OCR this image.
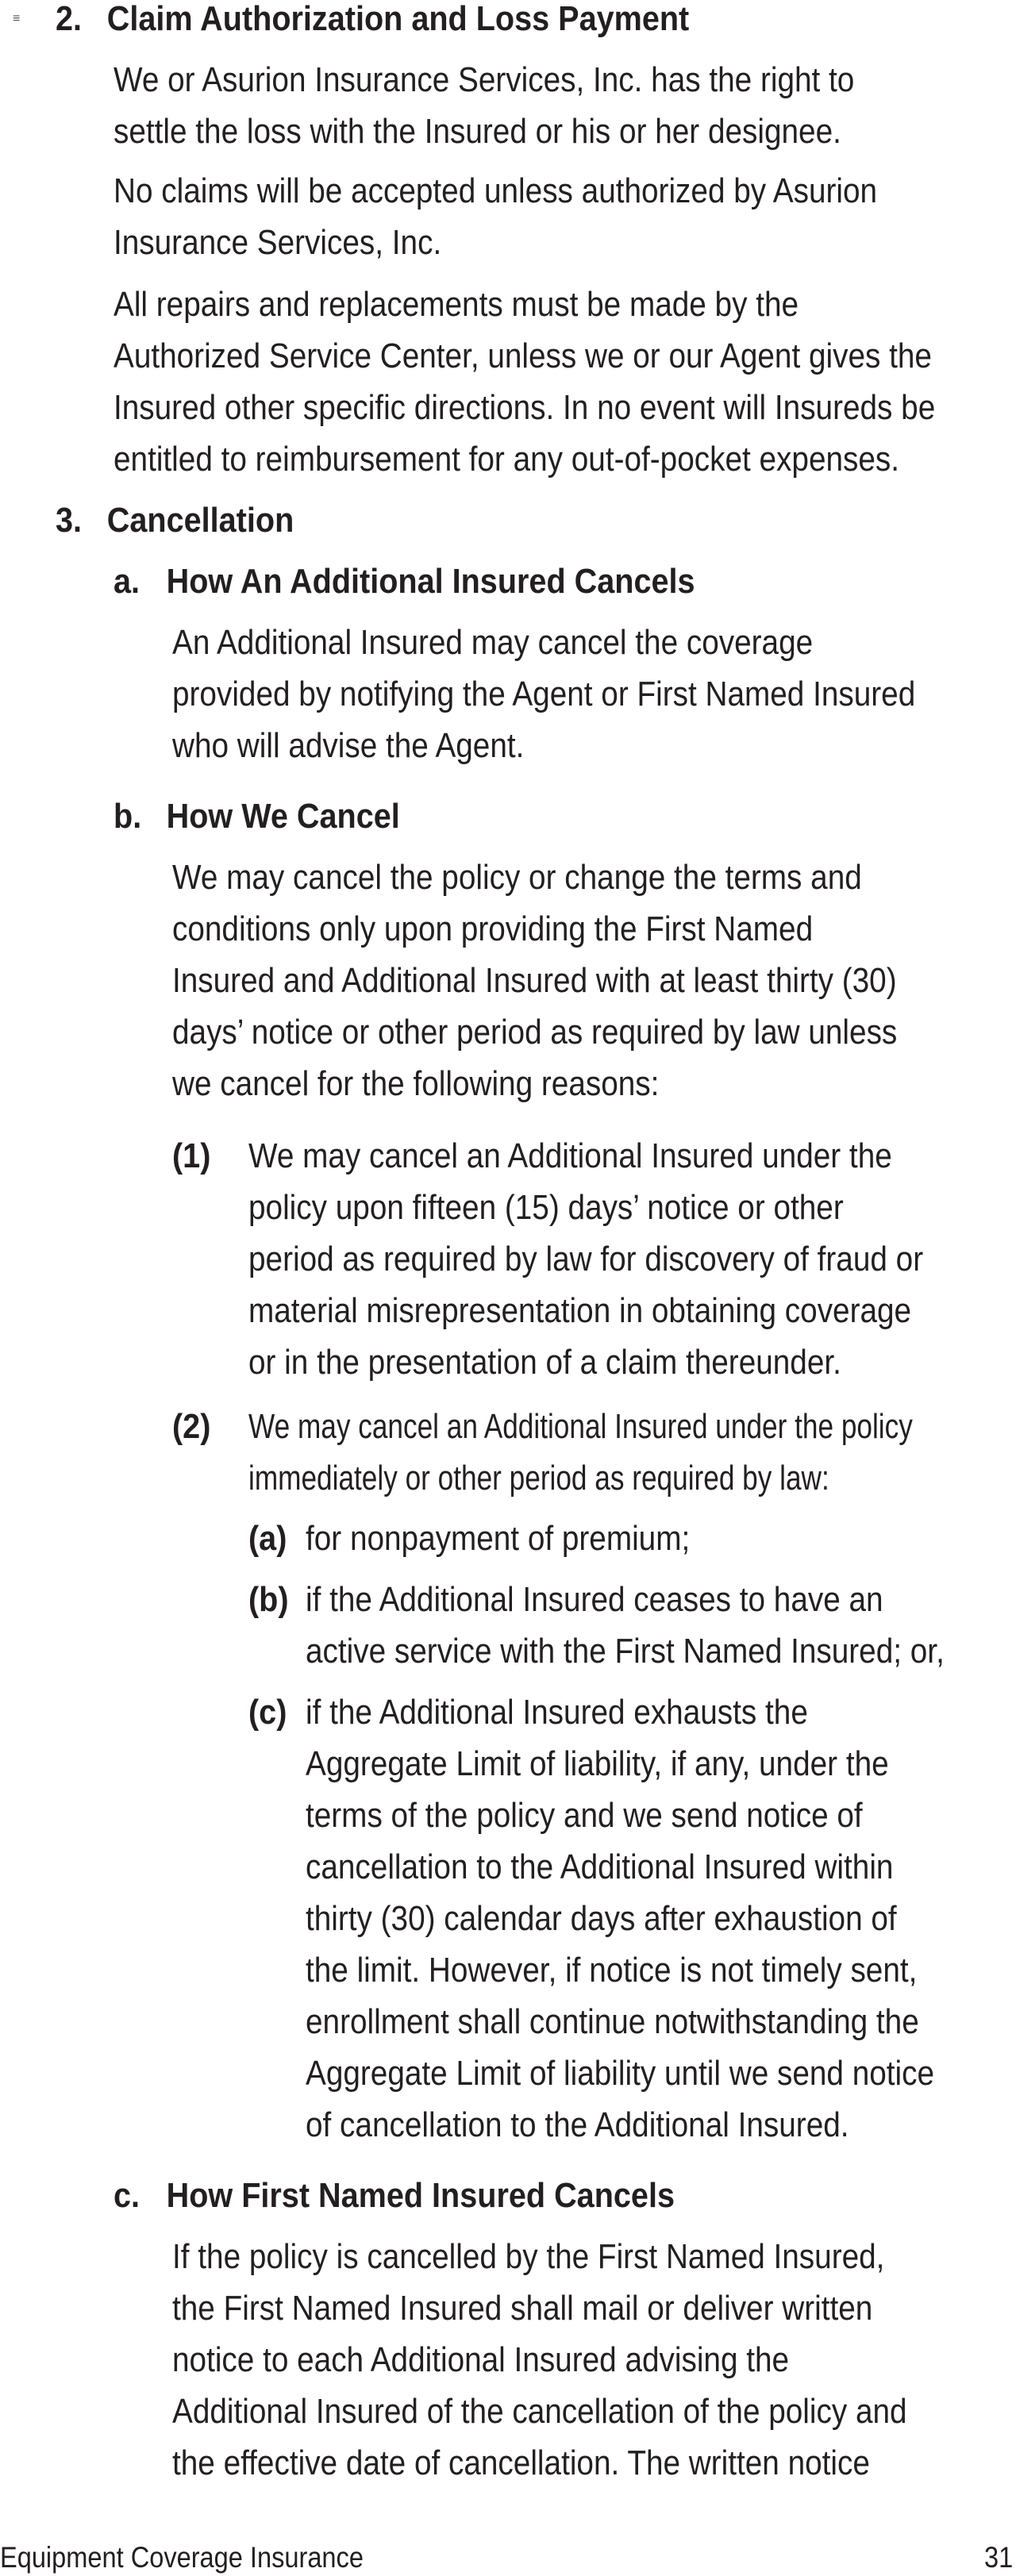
≡ 2. Claim Authorization and Loss Payment
We or Asurion Insurance Services, Inc. has the right to
settle the loss with the Insured or his or her designee.
No claims will be accepted unless authorized by Asurion
Insurance Services, Inc.
All repairs and replacements must be made by the
Authorized Service Center, unless we or our Agent gives the
Insured other specific directions. In no event will Insureds be
entitled to reimbursement for any out-of-pocket expenses.
3. Cancellation
a. How An Additional Insured Cancels
An Additional Insured may cancel the coverage
provided by notifying the Agent or First Named Insured
who will advise the Agent.
b. How We Cancel
We may cancel the policy or change the terms and
conditions only upon providing the First Named
Insured and Additional Insured with at least thirty (30)
days’ notice or other period as required by law unless
we cancel for the following reasons:
(1) We may cancel an Additional Insured under the
policy upon fifteen (15) days’ notice or other
period as required by law for discovery of fraud or
material misrepresentation in obtaining coverage
or in the presentation of a claim thereunder.
(2) We may cancel an Additional Insured under the policy
immediately or other period as required by law:
(a) for nonpayment of premium;
(b) if the Additional Insured ceases to have an
active service with the First Named Insured; or,
(c) if the Additional Insured exhausts the
Aggregate Limit of liability, if any, under the
terms of the policy and we send notice of
cancellation to the Additional Insured within
thirty (30) calendar days after exhaustion of
the limit. However, if notice is not timely sent,
enrollment shall continue notwithstanding the
Aggregate Limit of liability until we send notice
of cancellation to the Additional Insured.
c. How First Named Insured Cancels
If the policy is cancelled by the First Named Insured,
the First Named Insured shall mail or deliver written
notice to each Additional Insured advising the
Additional Insured of the cancellation of the policy and
the effective date of cancellation. The written notice
Equipment Coverage Insurance	31
